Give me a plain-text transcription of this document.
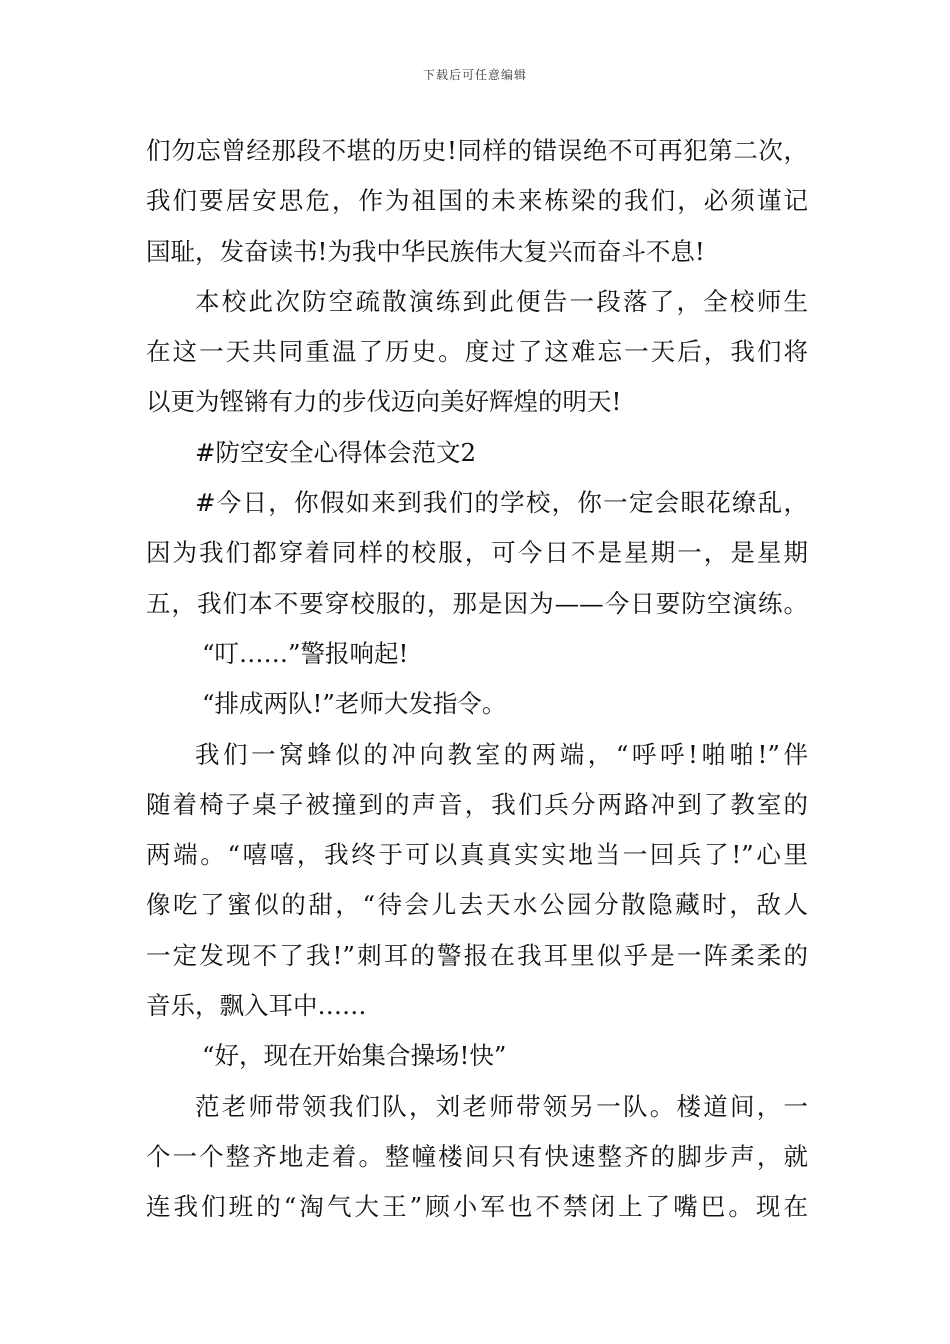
下载后可任意编辑
们勿忘曾经那段不堪的历史!同样的错误绝不可再犯第二次，
我们要居安思危，作为祖国的未来栋梁的我们，必须谨记
国耻，发奋读书!为我中华民族伟大复兴而奋斗不息!
本校此次防空疏散演练到此便告一段落了，全校师生
在这一天共同重温了历史。度过了这难忘一天后，我们将
以更为铿锵有力的步伐迈向美好辉煌的明天!
#防空安全心得体会范文2
#今日，你假如来到我们的学校，你一定会眼花缭乱，
因为我们都穿着同样的校服，可今日不是星期一，是星期
五，我们本不要穿校服的，那是因为——今日要防空演练。
“叮……”警报响起!
“排成两队!”老师大发指令。
我们一窝蜂似的冲向教室的两端，“呼呼!啪啪!”伴
随着椅子桌子被撞到的声音，我们兵分两路冲到了教室的
两端。“嘻嘻，我终于可以真真实实地当一回兵了!”心里
像吃了蜜似的甜，“待会儿去天水公园分散隐藏时，敌人
一定发现不了我!”刺耳的警报在我耳里似乎是一阵柔柔的
音乐，飘入耳中……
“好，现在开始集合操场!快”
范老师带领我们队，刘老师带领另一队。楼道间，一
个一个整齐地走着。整幢楼间只有快速整齐的脚步声，就
连我们班的“淘气大王”顾小军也不禁闭上了嘴巴。现在
